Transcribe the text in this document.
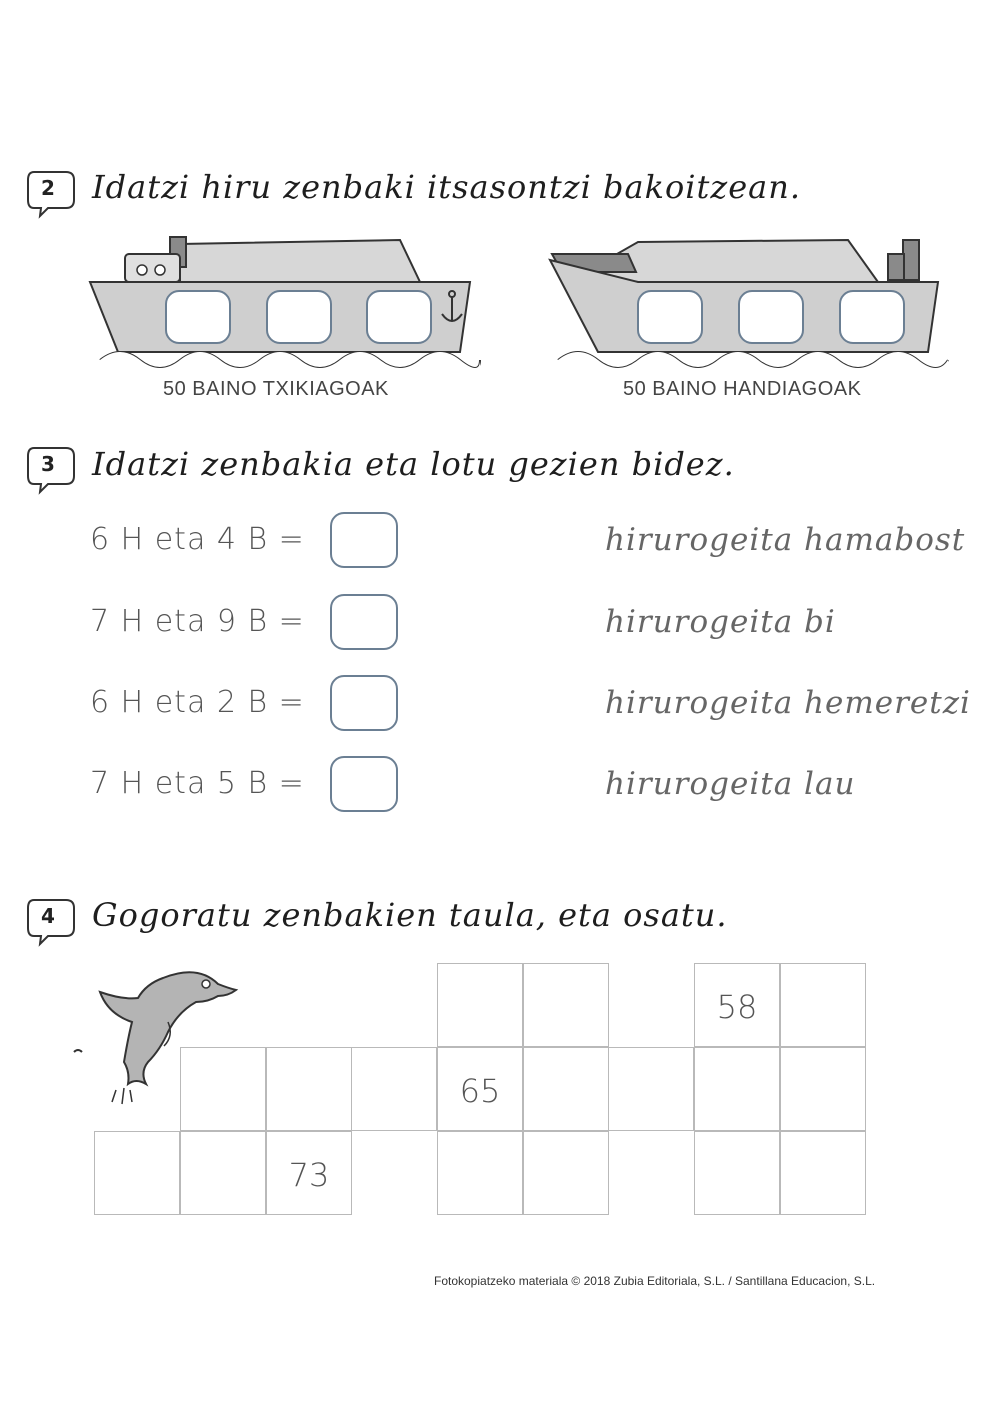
2	Idatzi hiru zenbaki itsasontzi bakoitzean.
50 BAINO TXIKIAGOAK	50 BAINO HANDIAGOAK
3	Idatzi zenbakia eta lotu gezien bidez.
6 H eta 4 B =
7 H eta 9 B =
6 H eta 2 B =
7 H eta 5 B =
hirurogeita hamabost
hirurogeita bi
hirurogeita hemeretzi
hirurogeita lau
4	Gogoratu zenbakien taula, eta osatu.
58
65
73
Fotokopiatzeko materiala © 2018 Zubia Editoriala, S.L. / Santillana Educacion, S.L.
